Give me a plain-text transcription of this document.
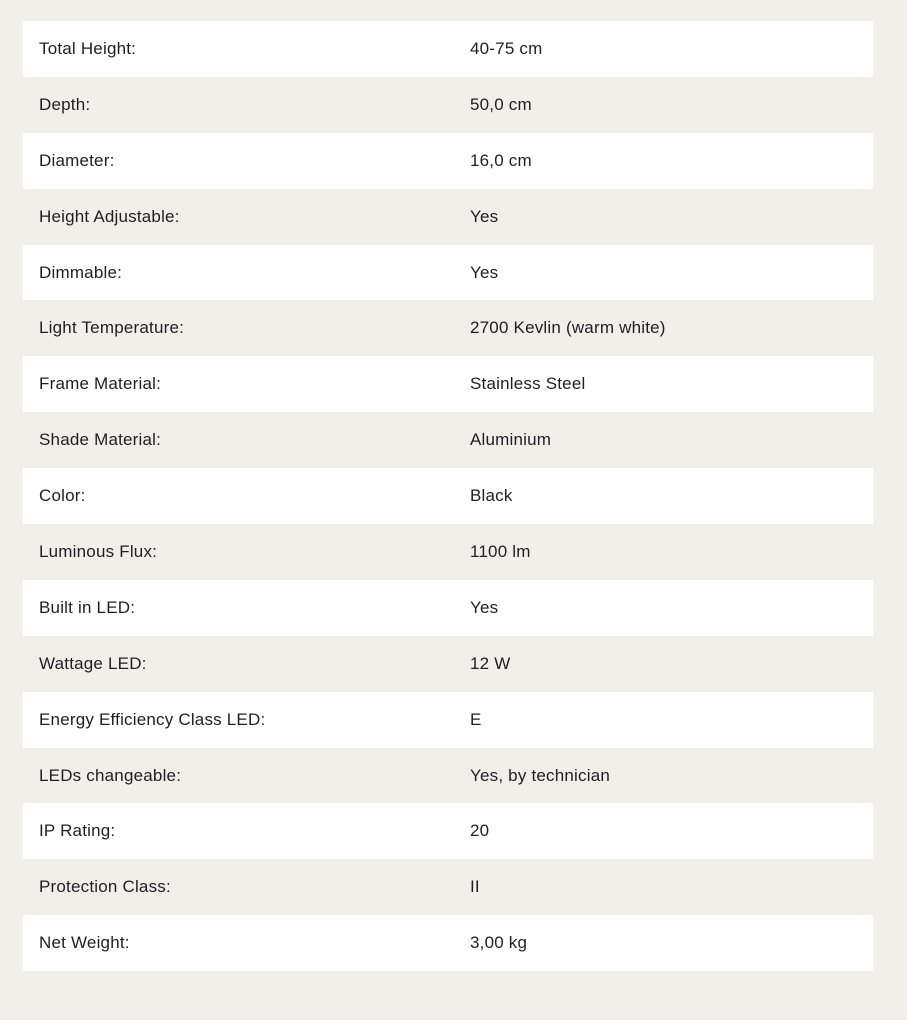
Total Height:	40-75 cm
Depth:	50,0 cm
Diameter:	16,0 cm
Height Adjustable:	Yes
Dimmable:	Yes
Light Temperature:	2700 Kevlin (warm white)
Frame Material:	Stainless Steel
Shade Material:	Aluminium
Color:	Black
Luminous Flux:	1100 lm
Built in LED:	Yes
Wattage LED:	12 W
Energy Efficiency Class LED:	E
LEDs changeable:	Yes, by technician
IP Rating:	20
Protection Class:	II
Net Weight:	3,00 kg
